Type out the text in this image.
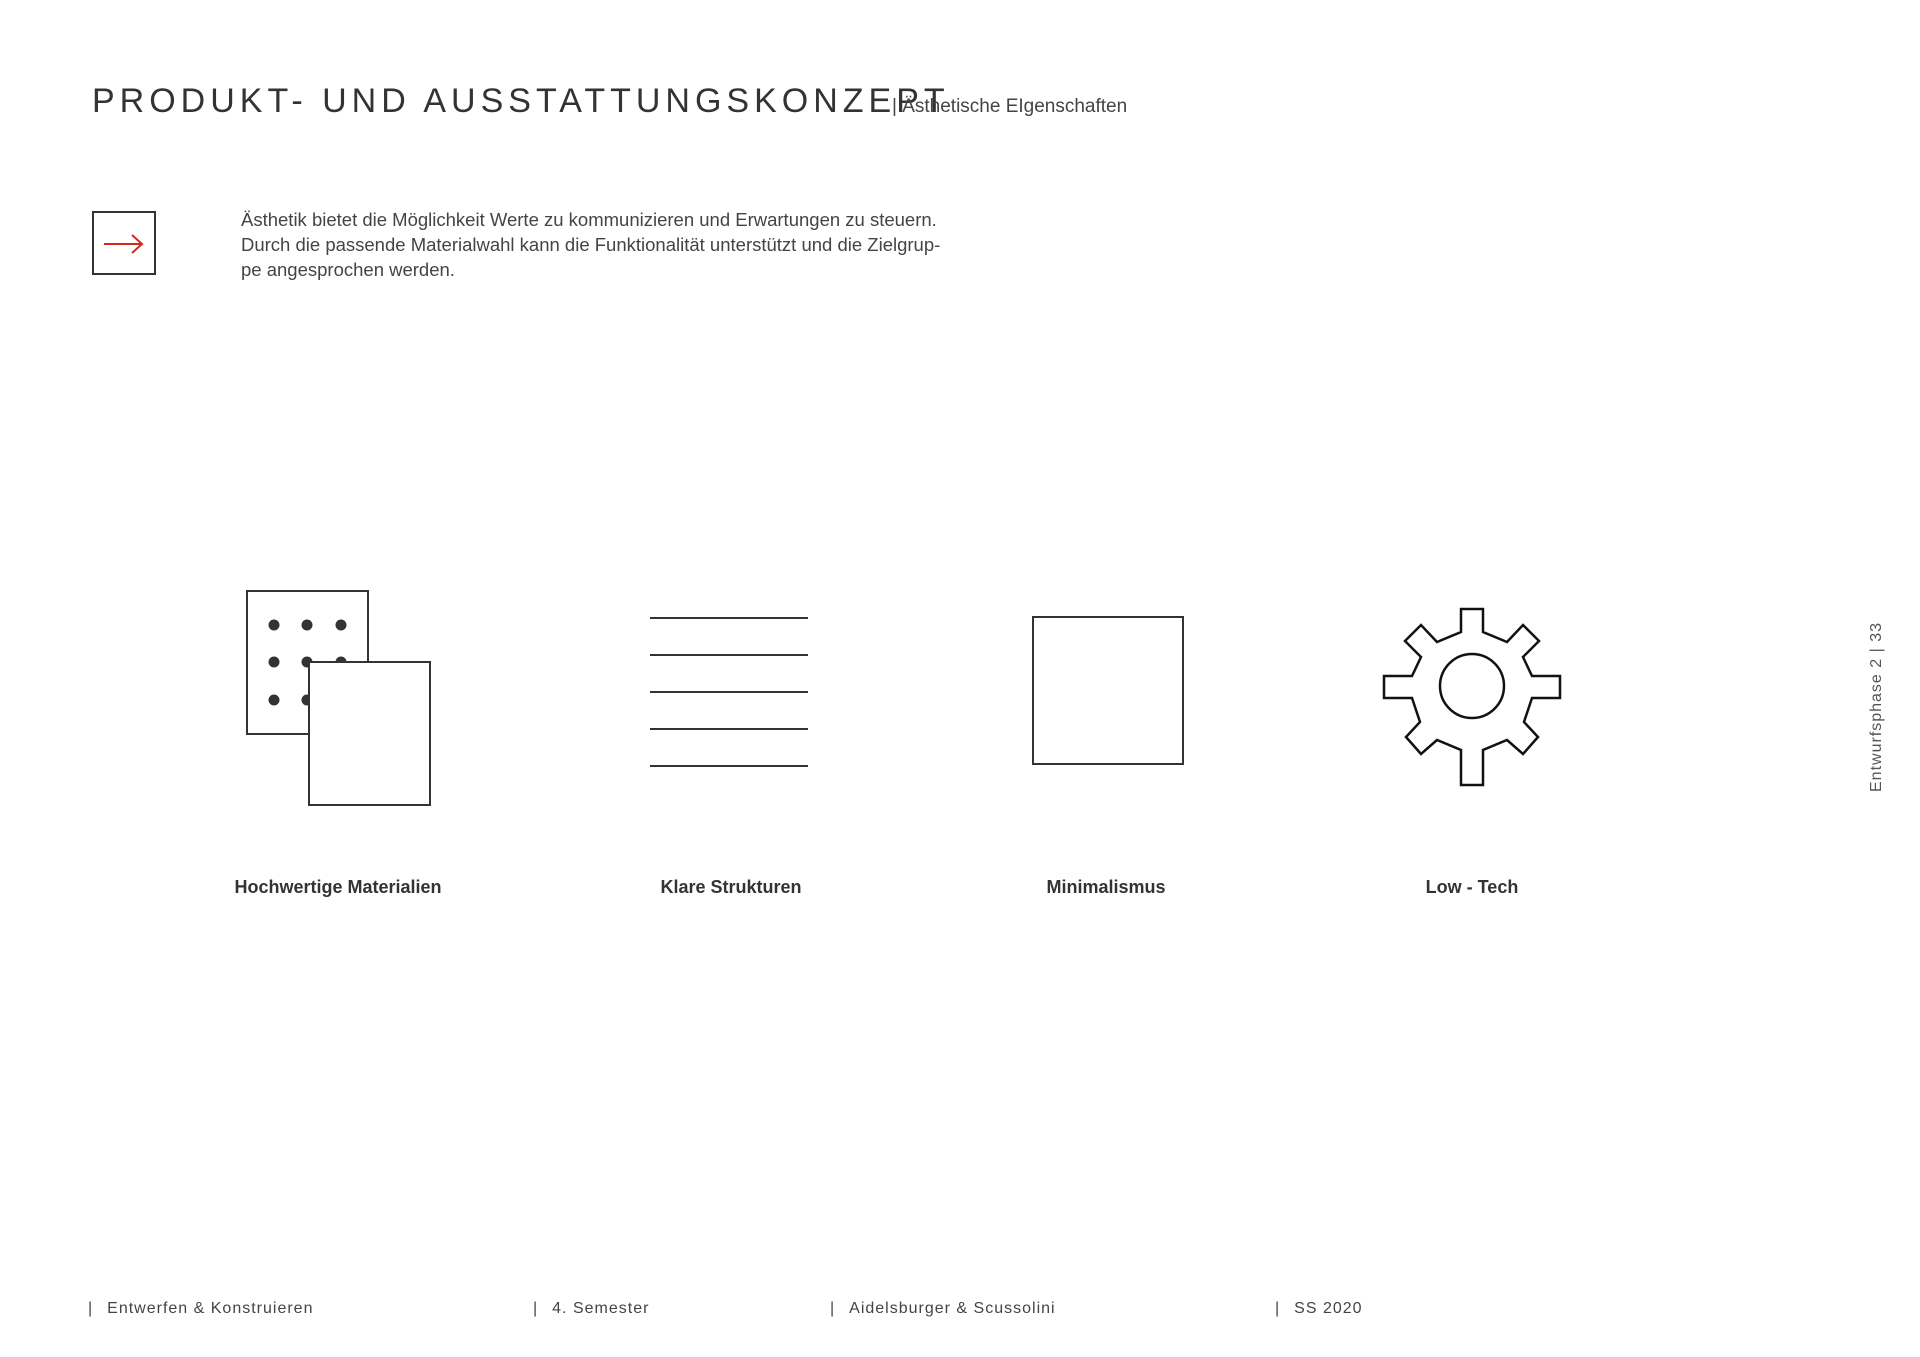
PRODUKT- UND AUSSTATTUNGSKONZEPT
| Ästhetische EIgenschaften
Ästhetik bietet die Möglichkeit Werte zu kommunizieren und Erwartungen zu steuern.
Durch die passende Materialwahl kann die Funktionalität unterstützt und die Zielgrup-
pe angesprochen werden.
Hochwertige Materialien	Klare Strukturen	Minimalismus	Low - Tech
Entwurfsphase 2 | 33
| Entwerfen & Konstruieren	| 4. Semester	| Aidelsburger & Scussolini	| SS 2020
